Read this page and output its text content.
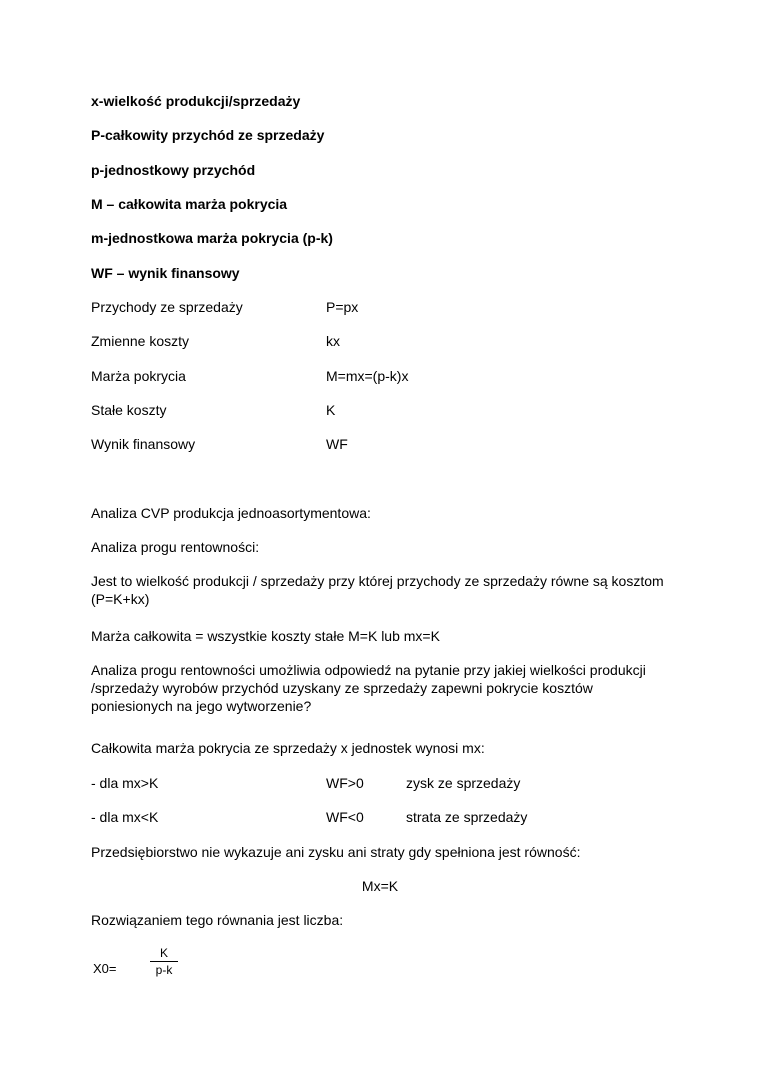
x-wielkość produkcji/sprzedaży
P-całkowity przychód ze sprzedaży
p-jednostkowy przychód
M – całkowita marża pokrycia
m-jednostkowa marża pokrycia (p-k)
WF – wynik finansowy
Przychody ze sprzedaży	P=px
Zmienne koszty	kx
Marża pokrycia	M=mx=(p-k)x
Stałe koszty	K
Wynik finansowy	WF
Analiza CVP produkcja jednoasortymentowa:
Analiza progu rentowności:
Jest to wielkość produkcji / sprzedaży przy której przychody ze sprzedaży równe są kosztom (P=K+kx)
Marża całkowita = wszystkie koszty stałe M=K lub mx=K
Analiza progu rentowności umożliwia odpowiedź na pytanie przy jakiej wielkości produkcji /sprzedaży wyrobów przychód uzyskany ze sprzedaży zapewni pokrycie kosztów poniesionych na jego wytworzenie?
Całkowita marża pokrycia ze sprzedaży x jednostek wynosi mx:
- dla mx>K	WF>0	zysk ze sprzedaży
- dla mx<K	WF<0	strata ze sprzedaży
Przedsiębiorstwo nie wykazuje ani zysku ani straty gdy spełniona jest równość:
Mx=K
Rozwiązaniem tego równania jest liczba:
X0=
K
p-k
